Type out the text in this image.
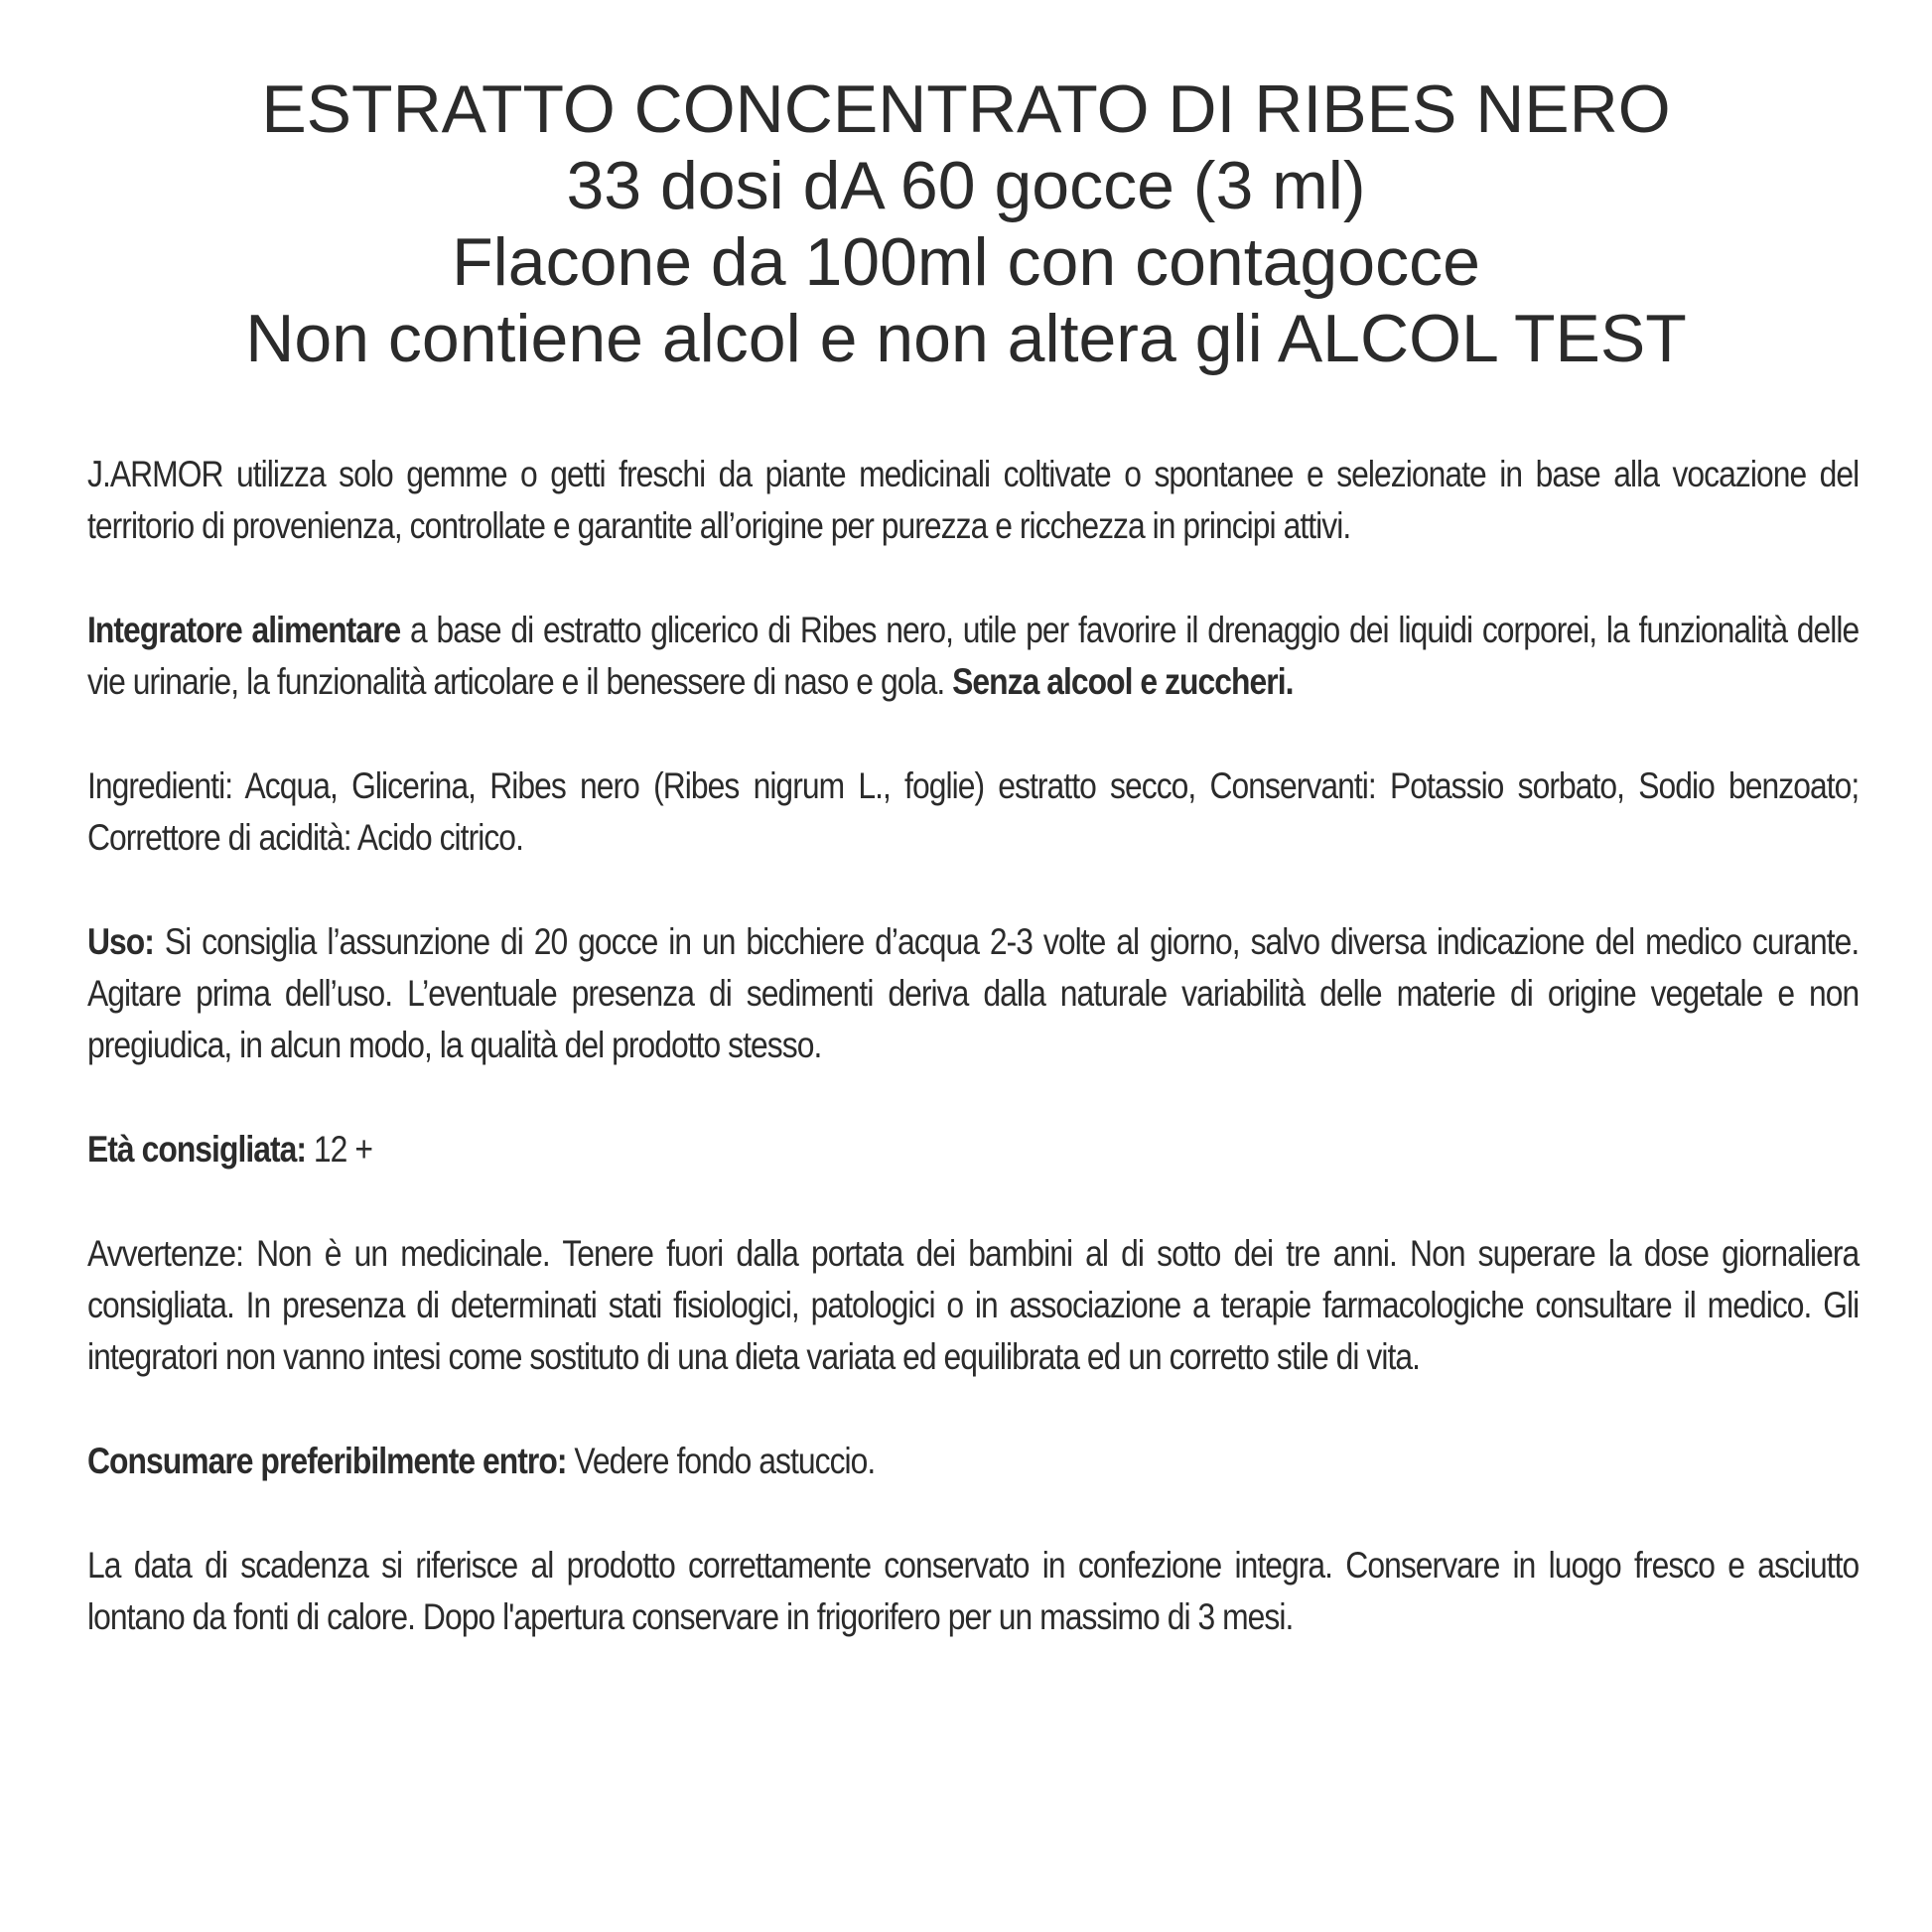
ESTRATTO CONCENTRATO DI RIBES NERO
33 dosi dA 60 gocce (3 ml)
Flacone da 100ml con contagocce
Non contiene alcol e non altera gli ALCOL TEST

J.ARMOR utilizza solo gemme o getti freschi da piante medicinali coltivate o spontanee e selezionate in base alla vocazione del territorio di provenienza, controllate e garantite all’origine per purezza e ricchezza in principi attivi.

Integratore alimentare a base di estratto glicerico di Ribes nero, utile per favorire il drenaggio dei liquidi corporei, la funzionalità delle vie urinarie, la funzionalità articolare e il benessere di naso e gola. Senza alcool e zuccheri.

Ingredienti: Acqua, Glicerina, Ribes nero (Ribes nigrum L., foglie) estratto secco, Conservanti: Potassio sorbato, Sodio benzoato; Correttore di acidità: Acido citrico.

Uso: Si consiglia l’assunzione di 20 gocce in un bicchiere d’acqua 2-3 volte al giorno, salvo diversa indicazione del medico curante. Agitare prima dell’uso. L’eventuale presenza di sedimenti deriva dalla naturale variabilità delle materie di origine vegetale e non pregiudica, in alcun modo, la qualità del prodotto stesso.

Età consigliata: 12 +

Avvertenze: Non è un medicinale. Tenere fuori dalla portata dei bambini al di sotto dei tre anni. Non superare la dose giornaliera consigliata. In presenza di determinati stati fisiologici, patologici o in associazione a terapie farmacologiche consultare il medico. Gli integratori non vanno intesi come sostituto di una dieta variata ed equilibrata ed un corretto stile di vita.

Consumare preferibilmente entro: Vedere fondo astuccio.

La data di scadenza si riferisce al prodotto correttamente conservato in confezione integra. Conservare in luogo fresco e asciutto lontano da fonti di calore. Dopo l'apertura conservare in frigorifero per un massimo di 3 mesi.
